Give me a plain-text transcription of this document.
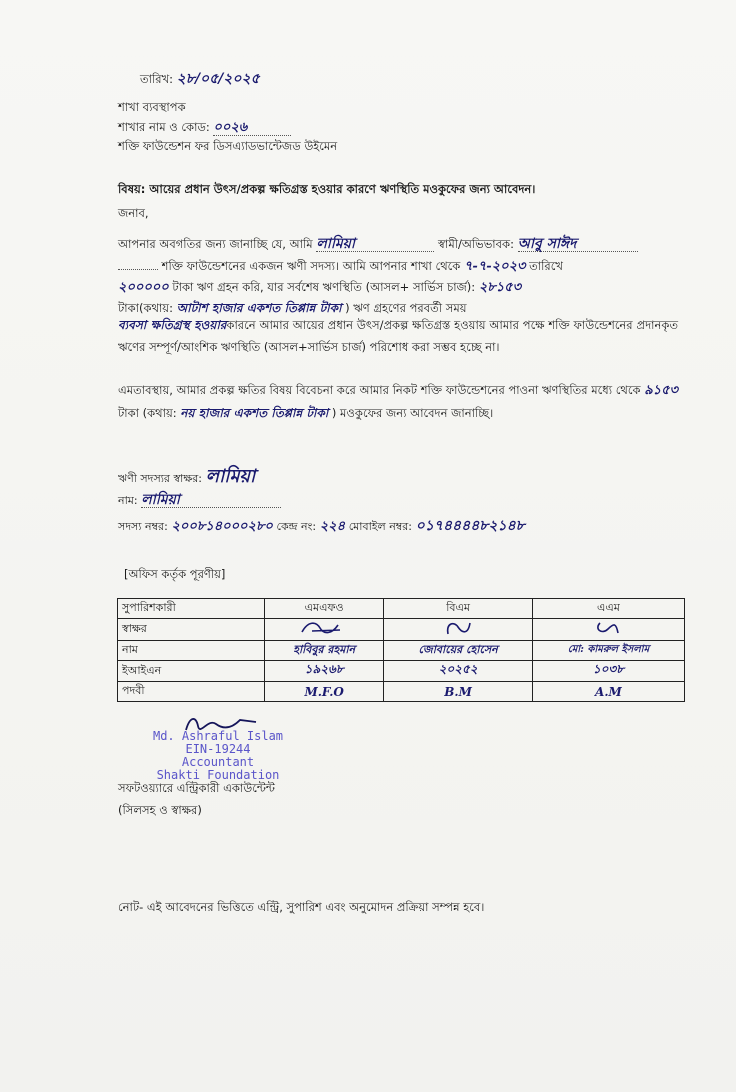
তারিখ: ২৮/০৫/২০২৫
শাখা ব্যবস্থাপক
শাখার নাম ও কোড: ০০২৬
শক্তি ফাউন্ডেশন ফর ডিসএ্যাডভান্টেজড উইমেন
বিষয়: আয়ের প্রধান উৎস/প্রকল্প ক্ষতিগ্রস্ত হওয়ার কারণে ঋণস্থিতি মওকুফের জন্য আবেদন।
জনাব,
আপনার অবগতির জন্য জানাচ্ছি যে, আমি লামিয়া	স্বামী/অভিভাবক: আবু সাঈদ
শক্তি ফাউন্ডেশনের একজন ঋণী সদস্য। আমি আপনার শাখা থেকে ৭-৭-২০২৩ তারিখে
২০০০০০ টাকা ঋণ গ্রহন করি, যার সর্বশেষ ঋণস্থিতি (আসল+ সার্ভিস চার্জ): ২৮১৫৩
টাকা(কথায়: আটাশ হাজার একশত তিপ্পান্ন টাকা ) ঋণ গ্রহণের পরবর্তী সময়
ব্যবসা ক্ষতিগ্রস্থ হওয়ারকারনে আমার আয়ের প্রধান উৎস/প্রকল্প ক্ষতিগ্রস্ত হওয়ায় আমার পক্ষে শক্তি ফাউন্ডেশনের প্রদানকৃত ঋণের সম্পূর্ণ/আংশিক ঋণস্থিতি (আসল+সার্ভিস চার্জ) পরিশোধ করা সম্ভব হচ্ছে না।
এমতাবস্থায়, আমার প্রকল্প ক্ষতির বিষয় বিবেচনা করে আমার নিকট শক্তি ফাউন্ডেশনের পাওনা ঋণস্থিতির মধ্যে থেকে ৯১৫৩ টাকা (কথায়: নয় হাজার একশত তিপ্পান্ন টাকা ) মওকুফের জন্য আবেদন জানাচ্ছি।
ঋণী সদস্যর স্বাক্ষর: লামিয়া
নাম: লামিয়া
সদস্য নম্বর: ২০০৮১৪০০০২৮০ কেন্দ্র নং: ২২৪ মোবাইল নম্বর: ০১৭৪৪৪৪৮২১৪৮
[অফিস কর্তৃক পূরণীয়]
সুপারিশকারী	এমএফও	বিএম	এএম
স্বাক্ষর			
নাম	হাবিবুর রহমান	জোবায়ের হোসেন	মো: কামরুল ইসলাম
ইআইএন	১৯২৬৮	২০২৫২	১০৩৮
পদবী	M.F.O	B.M	A.M
Md. Ashraful Islam
EIN-19244
Accountant
Shakti Foundation
সফটওয়্যারে এন্ট্রিকারী একাউন্টেন্ট
(সিলসহ ও স্বাক্ষর)
নোট- এই আবেদনের ভিত্তিতে এন্ট্রি, সুপারিশ এবং অনুমোদন প্রক্রিয়া সম্পন্ন হবে।
